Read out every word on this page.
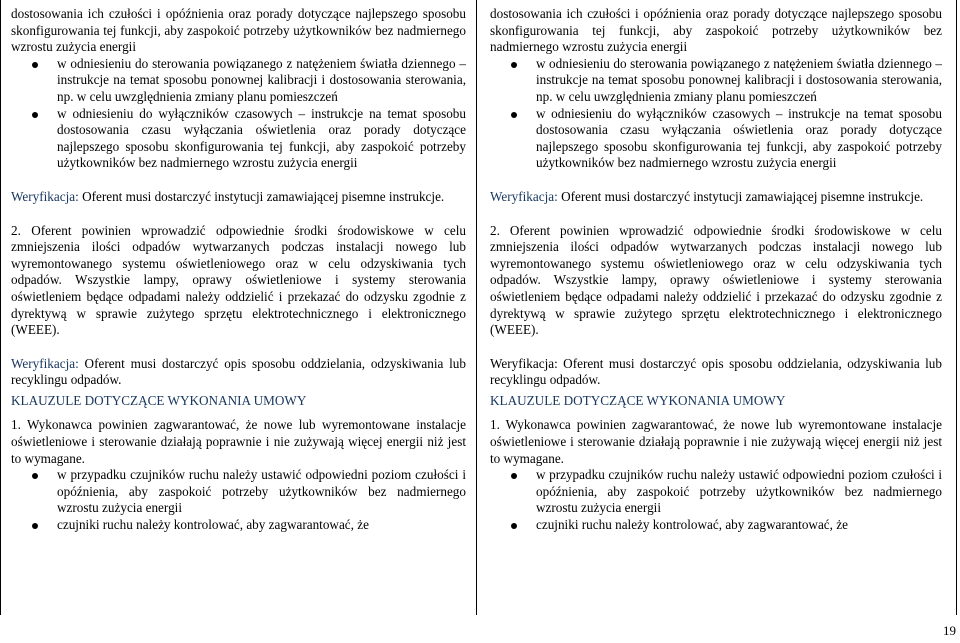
dostosowania ich czułości i opóźnienia oraz porady dotyczące najlepszego sposobu skonfigurowania tej funkcji, aby zaspokoić potrzeby użytkowników bez nadmiernego wzrostu zużycia energii

w odniesieniu do sterowania powiązanego z natężeniem światła dziennego – instrukcje na temat sposobu ponownej kalibracji i dostosowania sterowania, np. w celu uwzględnienia zmiany planu pomieszczeń
w odniesieniu do wyłączników czasowych – instrukcje na temat sposobu dostosowania czasu wyłączania oświetlenia oraz porady dotyczące najlepszego sposobu skonfigurowania tej funkcji, aby zaspokoić potrzeby użytkowników bez nadmiernego wzrostu zużycia energii

Weryfikacja: Oferent musi dostarczyć instytucji zamawiającej pisemne instrukcje.

2. Oferent powinien wprowadzić odpowiednie środki środowiskowe w celu zmniejszenia ilości odpadów wytwarzanych podczas instalacji nowego lub wyremontowanego systemu oświetleniowego oraz w celu odzyskiwania tych odpadów. Wszystkie lampy, oprawy oświetleniowe i systemy sterowania oświetleniem będące odpadami należy oddzielić i przekazać do odzysku zgodnie z dyrektywą w sprawie zużytego sprzętu elektrotechnicznego i elektronicznego (WEEE).

Weryfikacja: Oferent musi dostarczyć opis sposobu oddzielania, odzyskiwania lub recyklingu odpadów.

KLAUZULE DOTYCZĄCE WYKONANIA UMOWY

1. Wykonawca powinien zagwarantować, że nowe lub wyremontowane instalacje oświetleniowe i sterowanie działają poprawnie i nie zużywają więcej energii niż jest to wymagane.

w przypadku czujników ruchu należy ustawić odpowiedni poziom czułości i opóźnienia, aby zaspokoić potrzeby użytkowników bez nadmiernego wzrostu zużycia energii
czujniki ruchu należy kontrolować, aby zagwarantować, że

dostosowania ich czułości i opóźnienia oraz porady dotyczące najlepszego sposobu skonfigurowania tej funkcji, aby zaspokoić potrzeby użytkowników bez nadmiernego wzrostu zużycia energii

w odniesieniu do sterowania powiązanego z natężeniem światła dziennego – instrukcje na temat sposobu ponownej kalibracji i dostosowania sterowania, np. w celu uwzględnienia zmiany planu pomieszczeń
w odniesieniu do wyłączników czasowych – instrukcje na temat sposobu dostosowania czasu wyłączania oświetlenia oraz porady dotyczące najlepszego sposobu skonfigurowania tej funkcji, aby zaspokoić potrzeby użytkowników bez nadmiernego wzrostu zużycia energii

Weryfikacja: Oferent musi dostarczyć instytucji zamawiającej pisemne instrukcje.

2. Oferent powinien wprowadzić odpowiednie środki środowiskowe w celu zmniejszenia ilości odpadów wytwarzanych podczas instalacji nowego lub wyremontowanego systemu oświetleniowego oraz w celu odzyskiwania tych odpadów. Wszystkie lampy, oprawy oświetleniowe i systemy sterowania oświetleniem będące odpadami należy oddzielić i przekazać do odzysku zgodnie z dyrektywą w sprawie zużytego sprzętu elektrotechnicznego i elektronicznego (WEEE).

Weryfikacja: Oferent musi dostarczyć opis sposobu oddzielania, odzyskiwania lub recyklingu odpadów.

KLAUZULE DOTYCZĄCE WYKONANIA UMOWY

1. Wykonawca powinien zagwarantować, że nowe lub wyremontowane instalacje oświetleniowe i sterowanie działają poprawnie i nie zużywają więcej energii niż jest to wymagane.

w przypadku czujników ruchu należy ustawić odpowiedni poziom czułości i opóźnienia, aby zaspokoić potrzeby użytkowników bez nadmiernego wzrostu zużycia energii
czujniki ruchu należy kontrolować, aby zagwarantować, że
19
